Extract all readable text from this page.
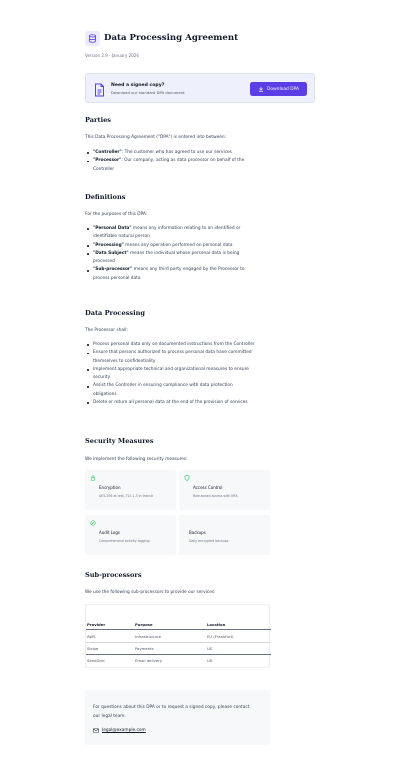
Data Processing Agreement
Version 2.9 · January 2026
Need a signed copy?
Download our standard DPA document
Download DPA
Parties
This Data Processing Agreement ("DPA") is entered into between:
"Controller": The customer who has agreed to use our services
"Processor": Our company, acting as data processor on behalf of the
Controller
Definitions
For the purposes of this DPA:
"Personal Data" means any information relating to an identified or
identifiable natural person
"Processing" means any operation performed on personal data
"Data Subject" means the individual whose personal data is being
processed
"Sub-processor" means any third party engaged by the Processor to
process personal data
Data Processing
The Processor shall:
Process personal data only on documented instructions from the Controller
Ensure that persons authorized to process personal data have committed
themselves to confidentiality
Implement appropriate technical and organizational measures to ensure
security
Assist the Controller in ensuring compliance with data protection
obligations
Delete or return all personal data at the end of the provision of services
Security Measures
We implement the following security measures:
Encryption
AES-256 at rest, TLS 1.3 in transit
Access Control
Role-based access with MFA
Audit Logs
Comprehensive activity logging
Backups
Daily encrypted backups
Sub-processors
We use the following sub-processors to provide our services:
Provider	Purpose	Location
AWS	Infrastructure	EU (Frankfurt)
Stripe	Payments	US
SendGrid	Email delivery	US
For questions about this DPA or to request a signed copy, please contact
our legal team.
legal@example.com
